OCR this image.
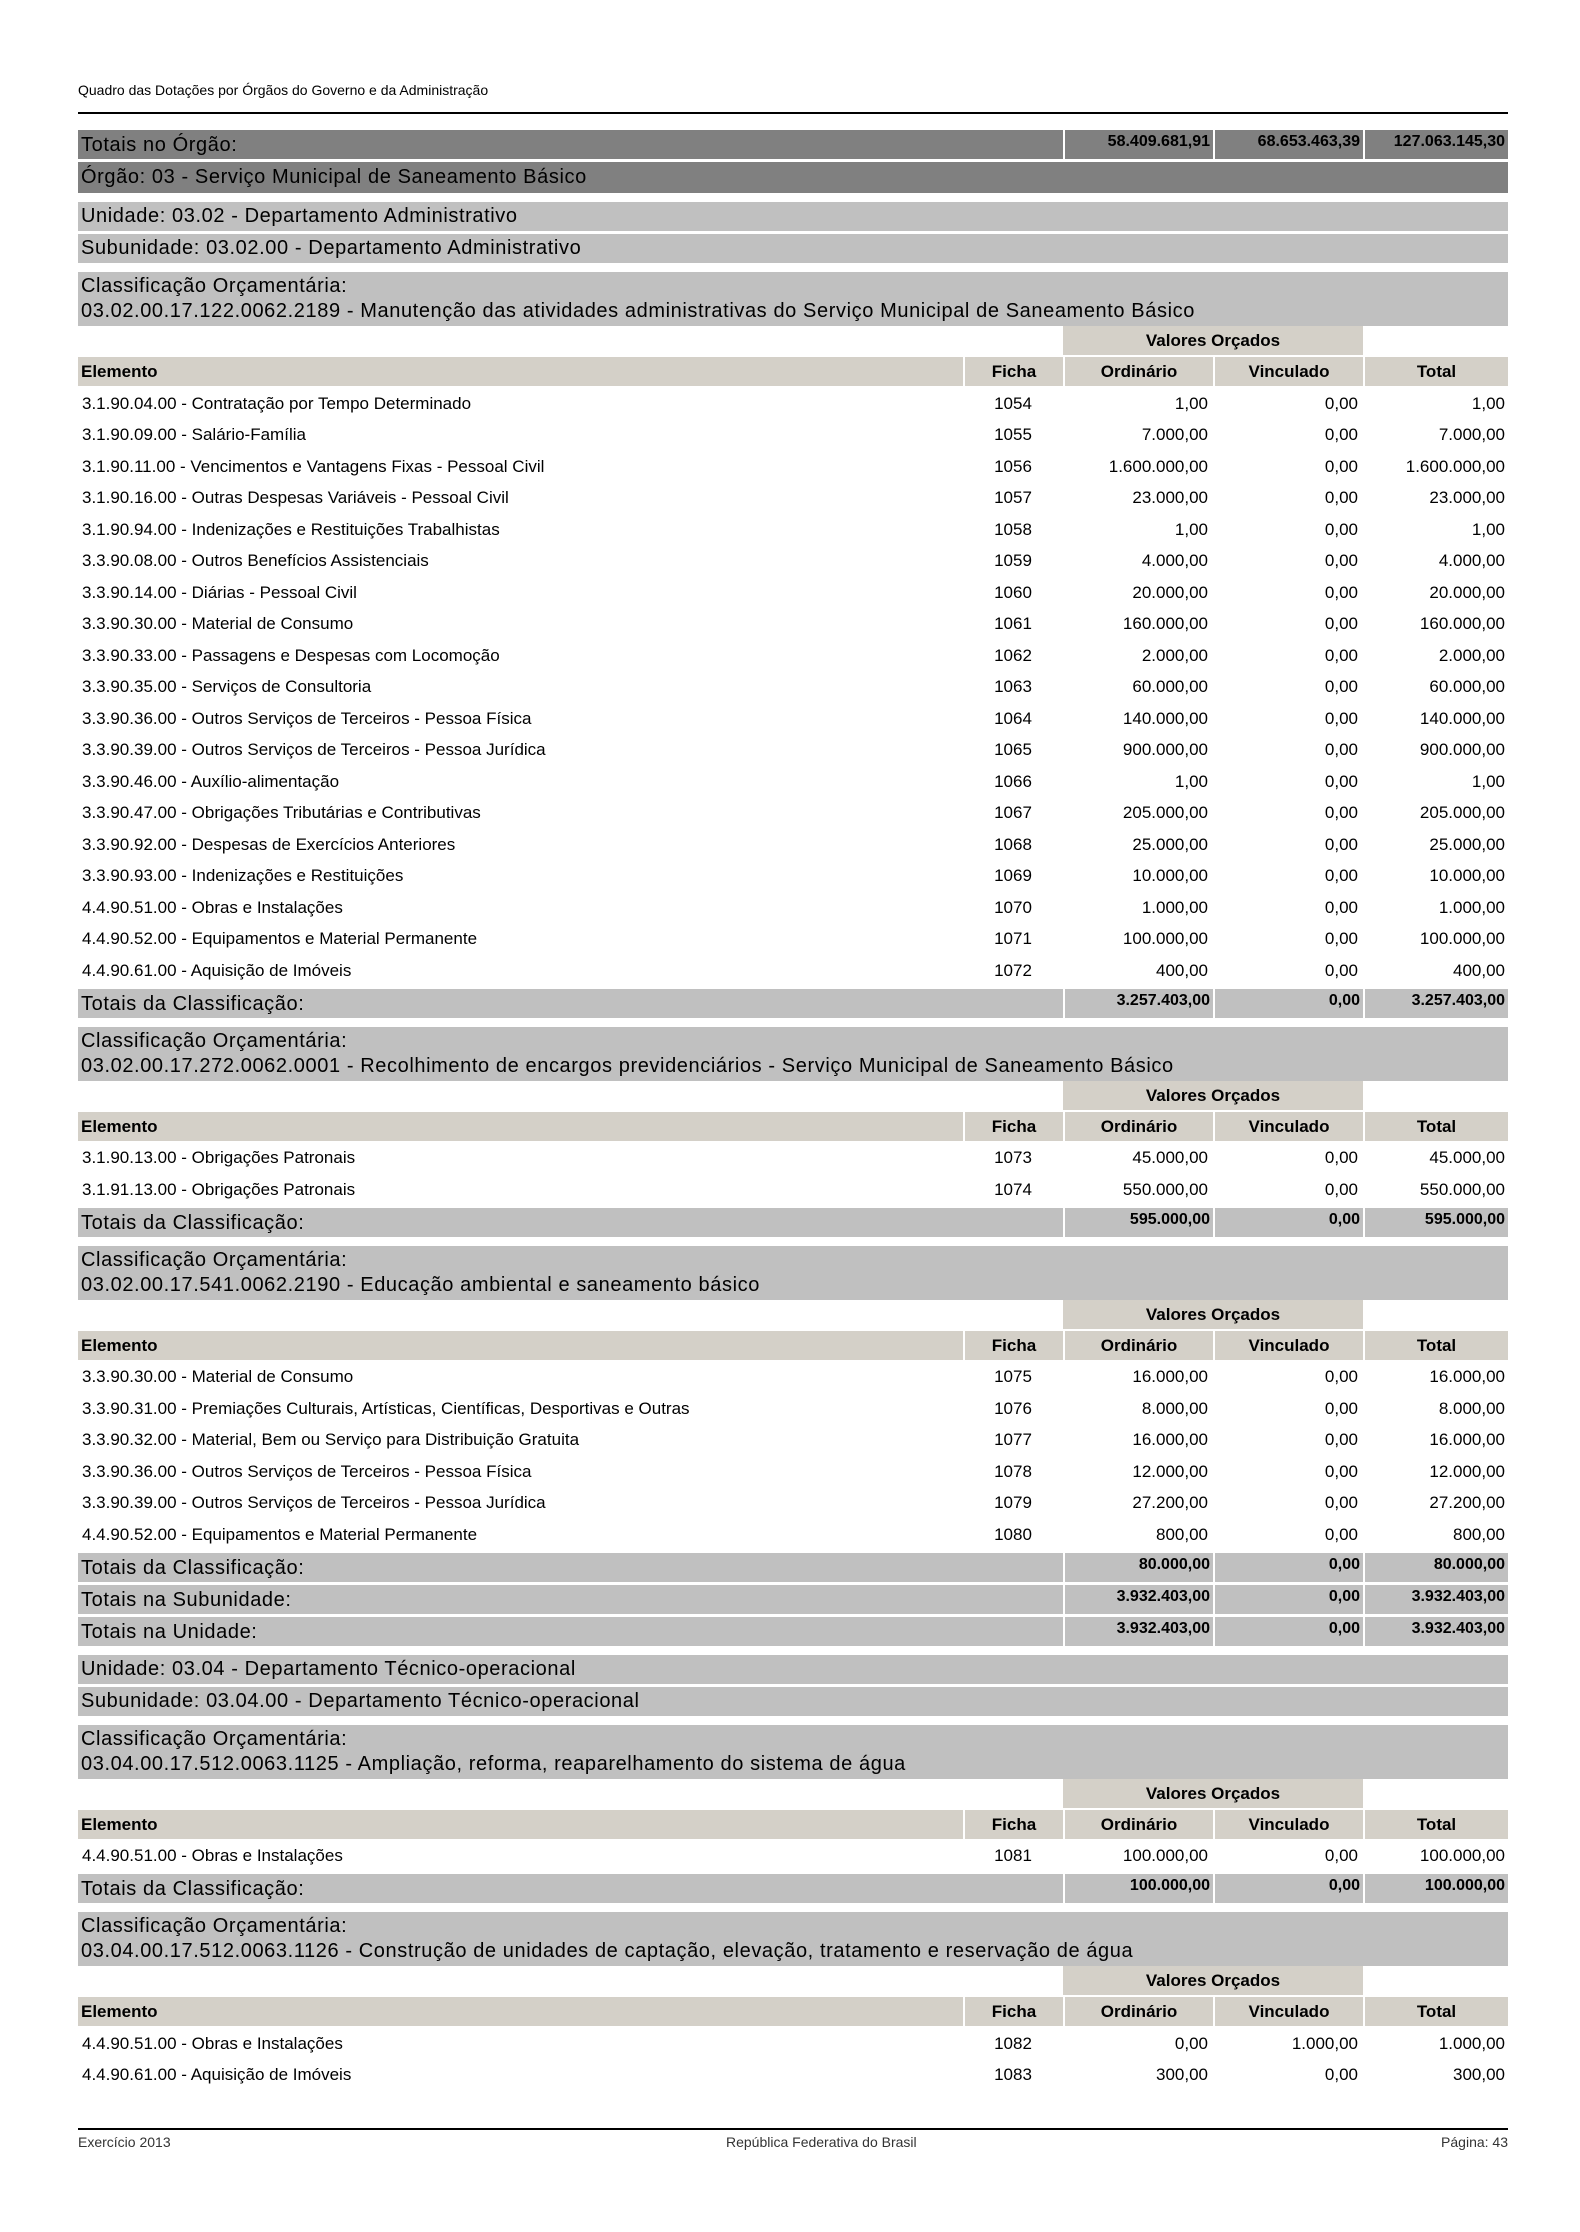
Quadro das Dotações por Órgãos do Governo e da Administração
Totais no Órgão:	58.409.681,91	68.653.463,39	127.063.145,30
Órgão: 03 - Serviço Municipal de Saneamento Básico
Unidade: 03.02 - Departamento Administrativo
Subunidade: 03.02.00 - Departamento Administrativo
Classificação Orçamentária:
03.02.00.17.122.0062.2189 - Manutenção das atividades administrativas do Serviço Municipal de Saneamento Básico
Valores Orçados
Elemento	Ficha	Ordinário	Vinculado	Total
3.1.90.04.00 - Contratação por Tempo Determinado	1054	1,00	0,00	1,00
3.1.90.09.00 - Salário-Família	1055	7.000,00	0,00	7.000,00
3.1.90.11.00 - Vencimentos e Vantagens Fixas - Pessoal Civil	1056	1.600.000,00	0,00	1.600.000,00
3.1.90.16.00 - Outras Despesas Variáveis - Pessoal Civil	1057	23.000,00	0,00	23.000,00
3.1.90.94.00 - Indenizações e Restituições Trabalhistas	1058	1,00	0,00	1,00
3.3.90.08.00 - Outros Benefícios Assistenciais	1059	4.000,00	0,00	4.000,00
3.3.90.14.00 - Diárias - Pessoal Civil	1060	20.000,00	0,00	20.000,00
3.3.90.30.00 - Material de Consumo	1061	160.000,00	0,00	160.000,00
3.3.90.33.00 - Passagens e Despesas com Locomoção	1062	2.000,00	0,00	2.000,00
3.3.90.35.00 - Serviços de Consultoria	1063	60.000,00	0,00	60.000,00
3.3.90.36.00 - Outros Serviços de Terceiros - Pessoa Física	1064	140.000,00	0,00	140.000,00
3.3.90.39.00 - Outros Serviços de Terceiros - Pessoa Jurídica	1065	900.000,00	0,00	900.000,00
3.3.90.46.00 - Auxílio-alimentação	1066	1,00	0,00	1,00
3.3.90.47.00 - Obrigações Tributárias e Contributivas	1067	205.000,00	0,00	205.000,00
3.3.90.92.00 - Despesas de Exercícios Anteriores	1068	25.000,00	0,00	25.000,00
3.3.90.93.00 - Indenizações e Restituições	1069	10.000,00	0,00	10.000,00
4.4.90.51.00 - Obras e Instalações	1070	1.000,00	0,00	1.000,00
4.4.90.52.00 - Equipamentos e Material Permanente	1071	100.000,00	0,00	100.000,00
4.4.90.61.00 - Aquisição de Imóveis	1072	400,00	0,00	400,00
Totais da Classificação:	3.257.403,00	0,00	3.257.403,00
Classificação Orçamentária:
03.02.00.17.272.0062.0001 - Recolhimento de encargos previdenciários - Serviço Municipal de Saneamento Básico
Valores Orçados
Elemento	Ficha	Ordinário	Vinculado	Total
3.1.90.13.00 - Obrigações Patronais	1073	45.000,00	0,00	45.000,00
3.1.91.13.00 - Obrigações Patronais	1074	550.000,00	0,00	550.000,00
Totais da Classificação:	595.000,00	0,00	595.000,00
Classificação Orçamentária:
03.02.00.17.541.0062.2190 - Educação ambiental e saneamento básico
Valores Orçados
Elemento	Ficha	Ordinário	Vinculado	Total
3.3.90.30.00 - Material de Consumo	1075	16.000,00	0,00	16.000,00
3.3.90.31.00 - Premiações Culturais, Artísticas, Científicas, Desportivas e Outras	1076	8.000,00	0,00	8.000,00
3.3.90.32.00 - Material, Bem ou Serviço para Distribuição Gratuita	1077	16.000,00	0,00	16.000,00
3.3.90.36.00 - Outros Serviços de Terceiros - Pessoa Física	1078	12.000,00	0,00	12.000,00
3.3.90.39.00 - Outros Serviços de Terceiros - Pessoa Jurídica	1079	27.200,00	0,00	27.200,00
4.4.90.52.00 - Equipamentos e Material Permanente	1080	800,00	0,00	800,00
Totais da Classificação:	80.000,00	0,00	80.000,00
Totais na Subunidade:	3.932.403,00	0,00	3.932.403,00
Totais na Unidade:	3.932.403,00	0,00	3.932.403,00
Unidade: 03.04 - Departamento Técnico-operacional
Subunidade: 03.04.00 - Departamento Técnico-operacional
Classificação Orçamentária:
03.04.00.17.512.0063.1125 - Ampliação, reforma, reaparelhamento do sistema de água
Valores Orçados
Elemento	Ficha	Ordinário	Vinculado	Total
4.4.90.51.00 - Obras e Instalações	1081	100.000,00	0,00	100.000,00
Totais da Classificação:	100.000,00	0,00	100.000,00
Classificação Orçamentária:
03.04.00.17.512.0063.1126 - Construção de unidades de captação, elevação, tratamento e reservação de água
Valores Orçados
Elemento	Ficha	Ordinário	Vinculado	Total
4.4.90.51.00 - Obras e Instalações	1082	0,00	1.000,00	1.000,00
4.4.90.61.00 - Aquisição de Imóveis	1083	300,00	0,00	300,00
Exercício 2013	República Federativa do Brasil	Página: 43
